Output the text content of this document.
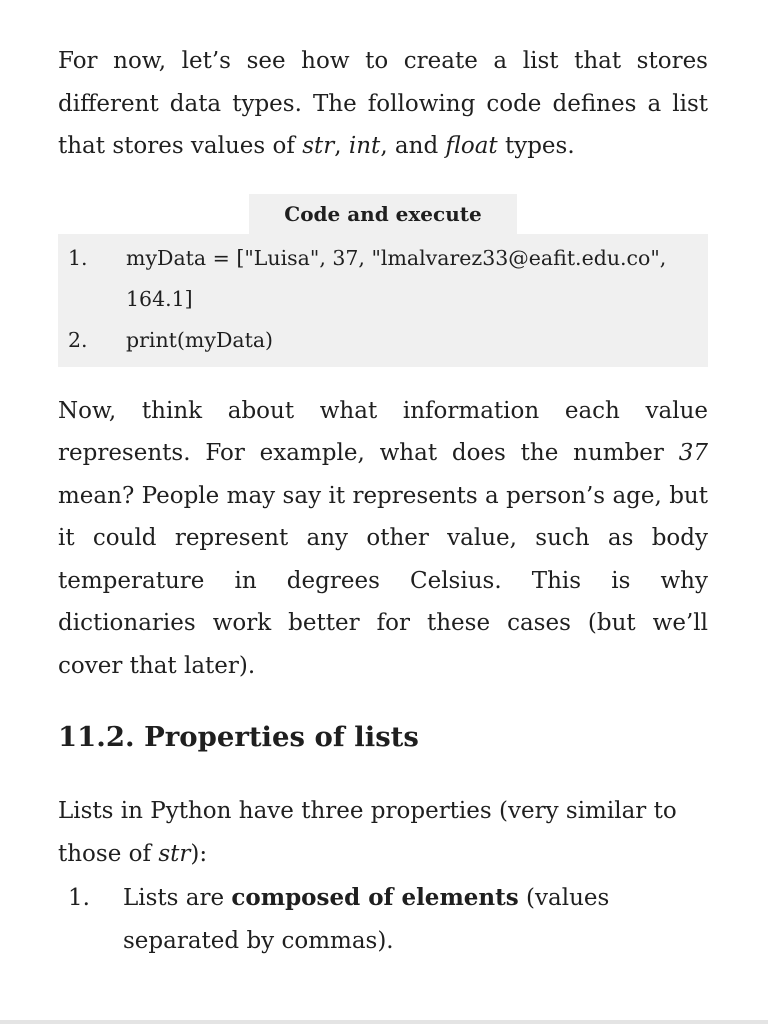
For now, let’s see how to create a list that stores different data types. The following code defines a list that stores values of str, int, and float types.

Code and execute
1.	myData = ["Luisa", 37, "lmalvarez33@eafit.edu.co", 164.1]
2.	print(myData)

Now, think about what information each value represents. For example, what does the number 37 mean? People may say it represents a person’s age, but it could represent any other value, such as body temperature in degrees Celsius. This is why dictionaries work better for these cases (but we’ll cover that later).

11.2. Properties of lists

Lists in Python have three properties (very similar to those of str):

1.	Lists are composed of elements (values separated by commas).
